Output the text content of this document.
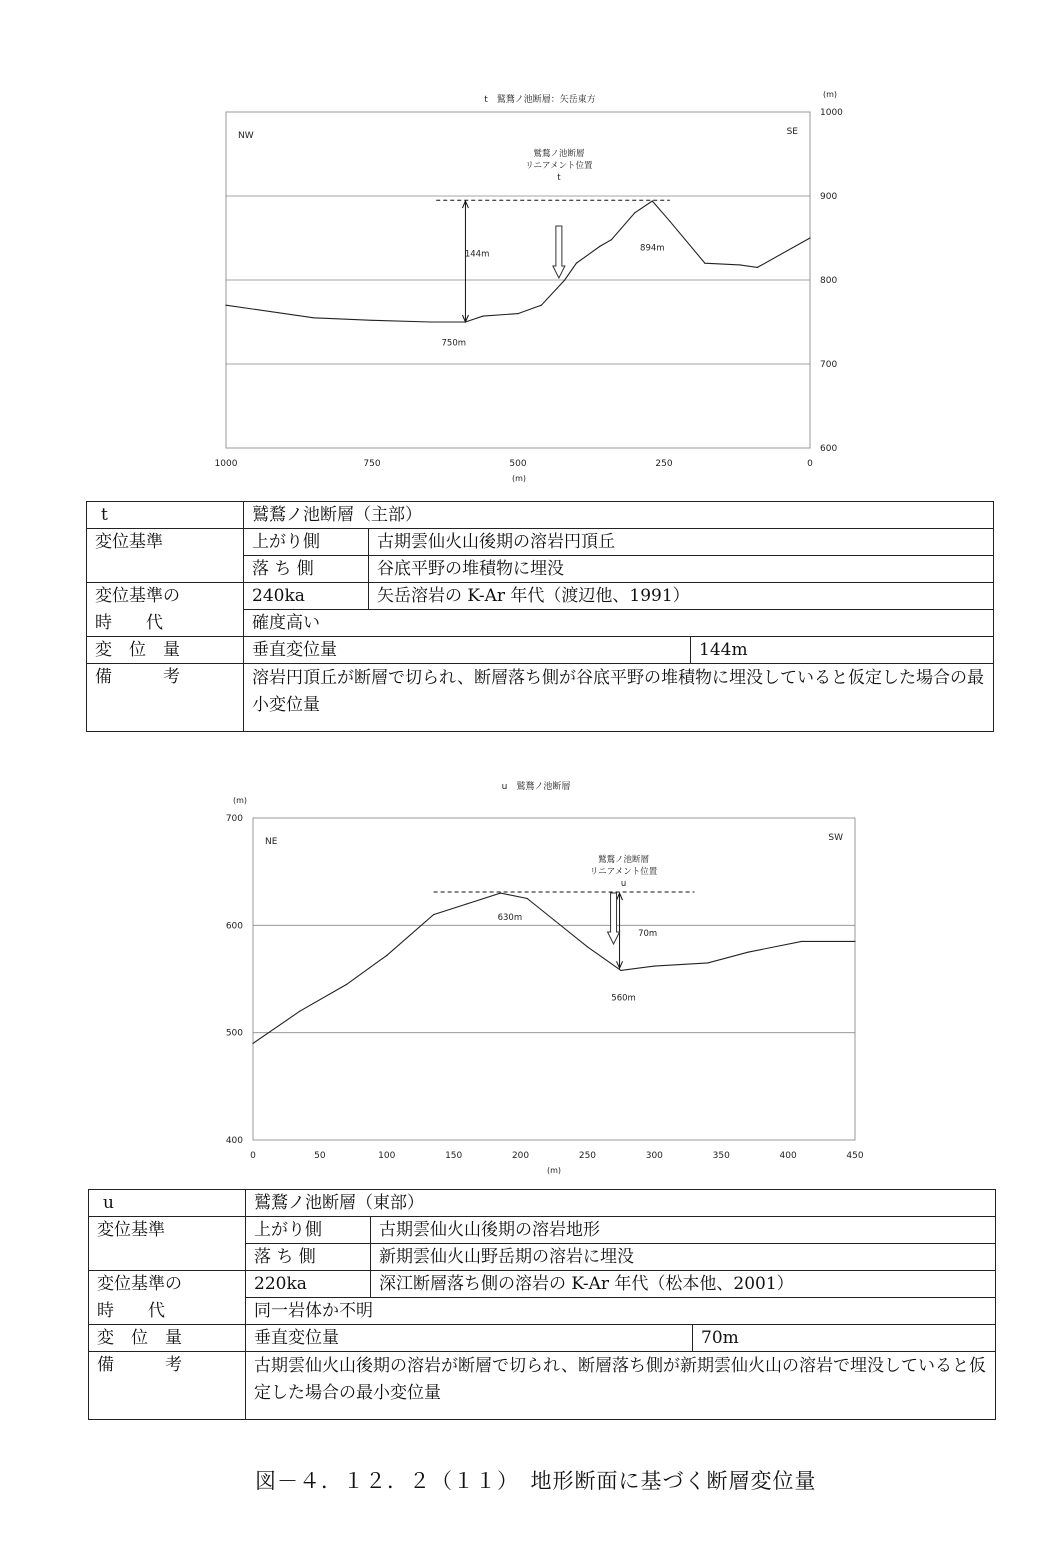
t　鷲鶩ノ池断層：矢岳東方
600
700
800
900
1000
(m)
1000	750	500	250	0
(m)
NW	SE
鷲鶩ノ池断層
リニアメント位置
t
144m
894m
750m
t	鷲鶩ノ池断層（主部）		
変位基準	上がり側	古期雲仙火山後期の溶岩円頂丘	
	落 ち 側	谷底平野の堆積物に埋没	
変位基準の	240ka	矢岳溶岩の K-Ar 年代（渡辺他、1991）	
時　　代	確度高い		
変　位　量	垂直変位量		144m
備　　　考	溶岩円頂丘が断層で切られ、断層落ち側が谷底平野の堆積物に埋没していると仮定した場合の最小変位量		
u　鷲鶩ノ池断層
400
500
600
700
(m)
0	50	100	150	200	250	300	350	400	450
(m)
NE	SW
鷲鶩ノ池断層
リニアメント位置
u
630m
70m
560m
u	鷲鶩ノ池断層（東部）		
変位基準	上がり側	古期雲仙火山後期の溶岩地形	
	落 ち 側	新期雲仙火山野岳期の溶岩に埋没	
変位基準の	220ka	深江断層落ち側の溶岩の K-Ar 年代（松本他、2001）	
時　　代	同一岩体か不明		
変　位　量	垂直変位量		70m
備　　　考	古期雲仙火山後期の溶岩が断層で切られ、断層落ち側が新期雲仙火山の溶岩で埋没していると仮定した場合の最小変位量		
図－４．１２．２（１１）　地形断面に基づく断層変位量
